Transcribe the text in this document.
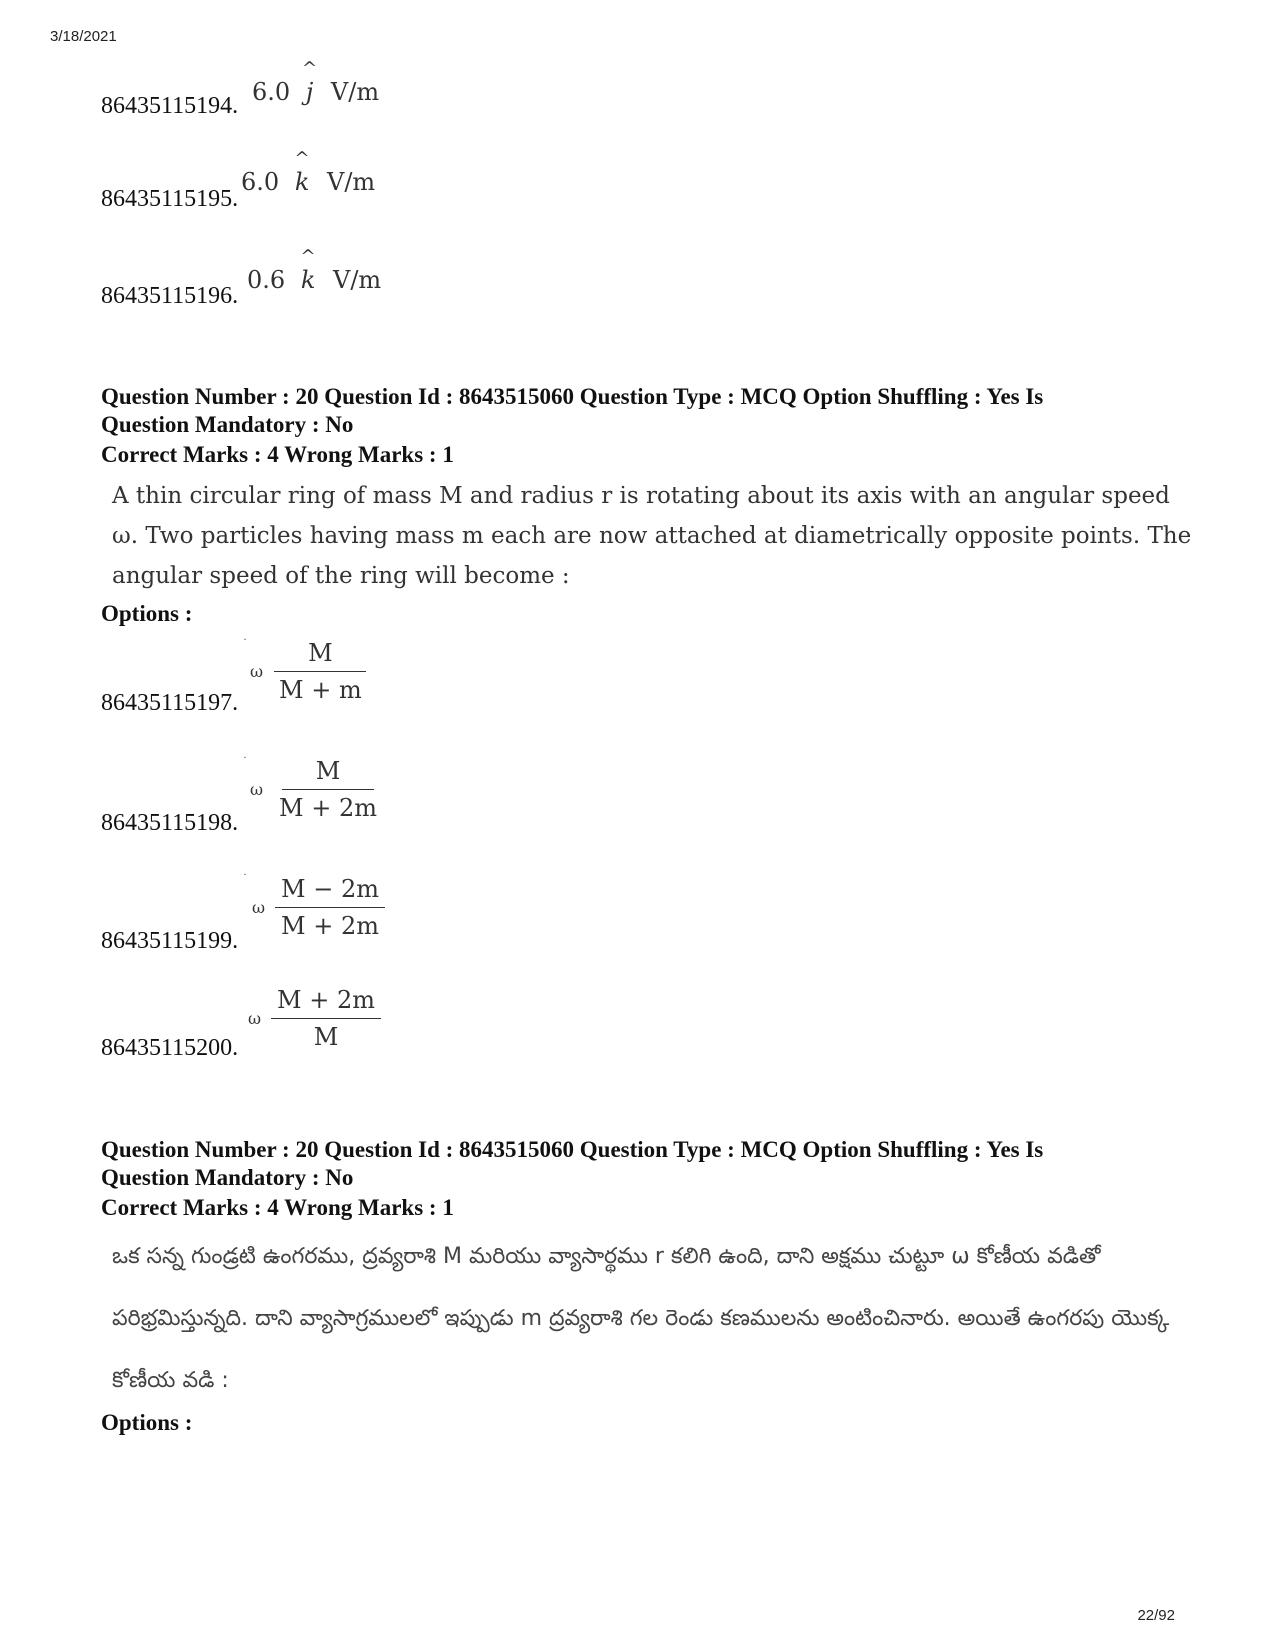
3/18/2021
22/92
86435115194. 6.0
^
j V/m
86435115195.
6.0
^
k V/m
86435115196.
0.6
^
k V/m
Question Number : 20 Question Id : 8643515060 Question Type : MCQ Option Shuffling : Yes Is
Question Mandatory : No
Correct Marks : 4 Wrong Marks : 1
A thin circular ring of mass M and radius r is rotating about its axis with an angular speed ω. Two particles having mass m each are now attached at diametrically opposite points. The angular speed of the ring will become :
Options :
·
86435115197.
ω $\frac{M}{M + m}$
·
86435115198.
ω $\frac{M}{M + 2m}$
·
86435115199.
ω $\frac{M - 2m}{M + 2m}$
86435115200.
ω $\frac{M + 2m}{M}$
Question Number : 20 Question Id : 8643515060 Question Type : MCQ Option Shuffling : Yes Is
Question Mandatory : No
Correct Marks : 4 Wrong Marks : 1
ఒక సన్న గుండ్రటి ఉంగరము, ద్రవ్యరాశి M మరియు వ్యాసార్థము r కలిగి ఉంది, దాని అక్షము చుట్టూ ω కోణీయ వడితో పరిభ్రమిస్తున్నది. దాని వ్యాసాగ్రములలో ఇప్పుడు m ద్రవ్యరాశి గల రెండు కణములను అంటించినారు. అయితే ఉంగరపు యొక్క కోణీయ వడి :
Options :
